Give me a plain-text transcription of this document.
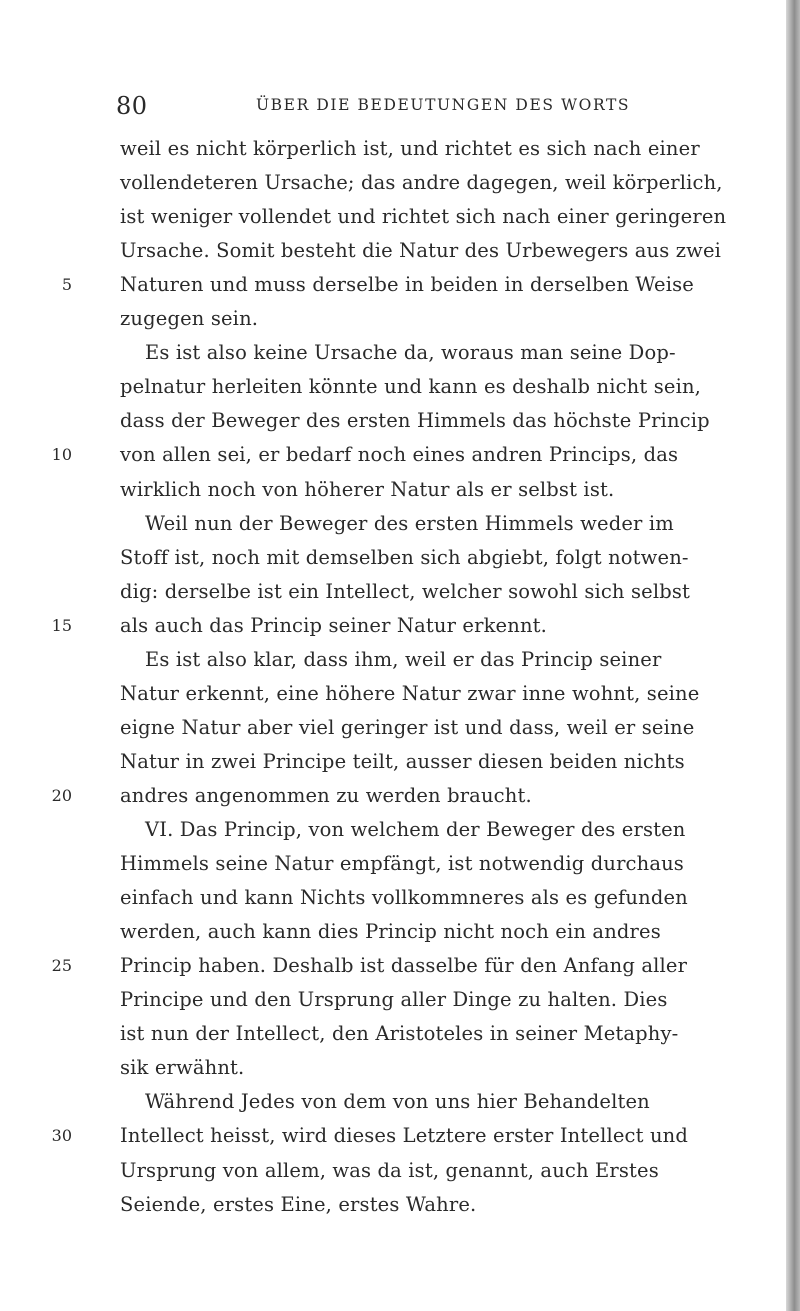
80	ÜBER DIE BEDEUTUNGEN DES WORTS
weil es nicht körperlich ist, und richtet es sich nach einer
vollendeteren Ursache; das andre dagegen, weil körperlich,
ist weniger vollendet und richtet sich nach einer geringeren
Ursache. Somit besteht die Natur des Urbewegers aus zwei
5 Naturen und muss derselbe in beiden in derselben Weise
zugegen sein.
Es ist also keine Ursache da, woraus man seine Dop-
pelnatur herleiten könnte und kann es deshalb nicht sein,
dass der Beweger des ersten Himmels das höchste Princip
10 von allen sei, er bedarf noch eines andren Princips, das
wirklich noch von höherer Natur als er selbst ist.
Weil nun der Beweger des ersten Himmels weder im
Stoff ist, noch mit demselben sich abgiebt, folgt notwen-
dig: derselbe ist ein Intellect, welcher sowohl sich selbst
15 als auch das Princip seiner Natur erkennt.
Es ist also klar, dass ihm, weil er das Princip seiner
Natur erkennt, eine höhere Natur zwar inne wohnt, seine
eigne Natur aber viel geringer ist und dass, weil er seine
Natur in zwei Principe teilt, ausser diesen beiden nichts
20 andres angenommen zu werden braucht.
VI. Das Princip, von welchem der Beweger des ersten
Himmels seine Natur empfängt, ist notwendig durchaus
einfach und kann Nichts vollkommneres als es gefunden
werden, auch kann dies Princip nicht noch ein andres
25 Princip haben. Deshalb ist dasselbe für den Anfang aller
Principe und den Ursprung aller Dinge zu halten. Dies
ist nun der Intellect, den Aristoteles in seiner Metaphy-
sik erwähnt.
Während Jedes von dem von uns hier Behandelten
30 Intellect heisst, wird dieses Letztere erster Intellect und
Ursprung von allem, was da ist, genannt, auch Erstes
Seiende, erstes Eine, erstes Wahre.
